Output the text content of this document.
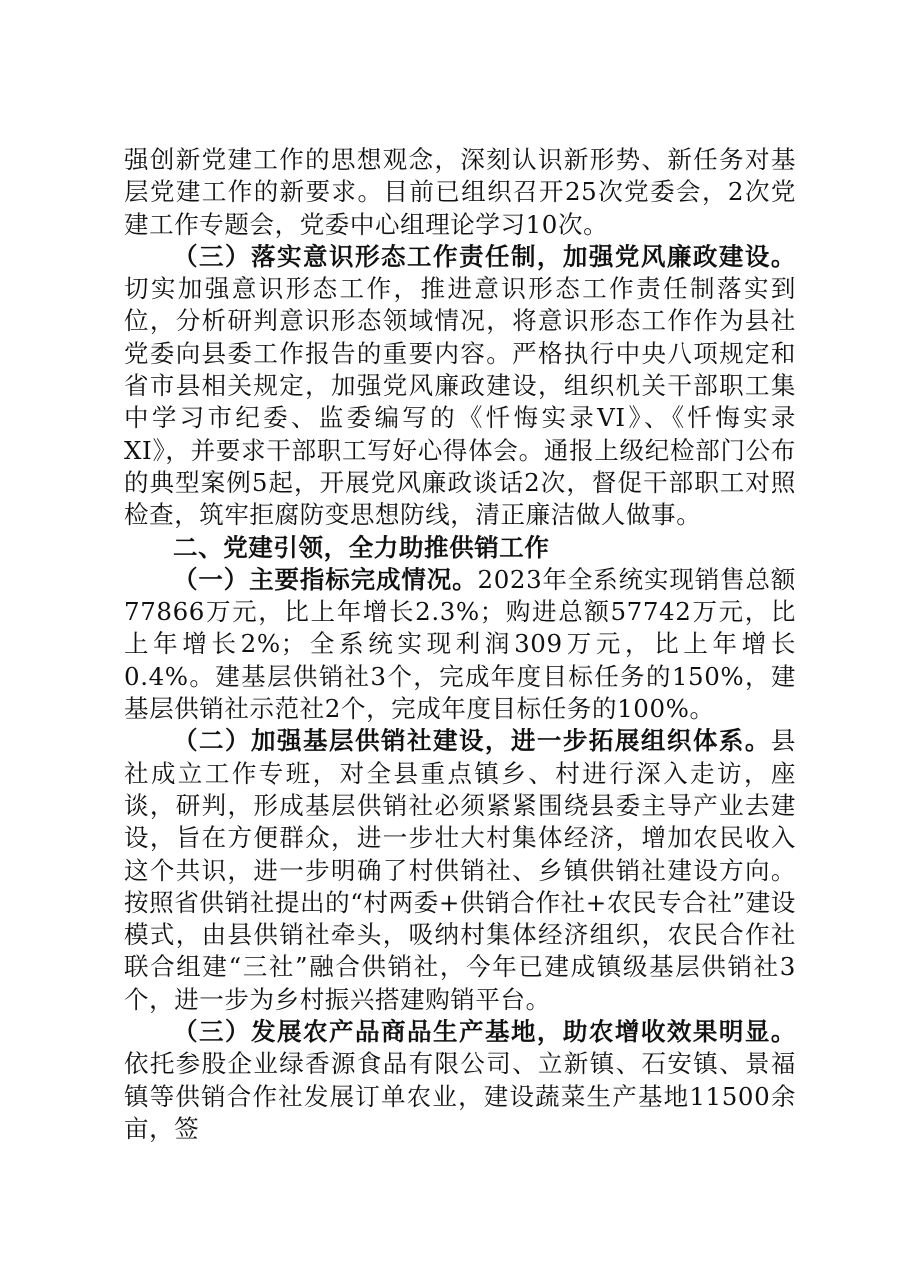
强创新党建工作的思想观念，深刻认识新形势、新任务对基层党建工作的新要求。目前已组织召开25次党委会，2次党建工作专题会，党委中心组理论学习10次。

（三）落实意识形态工作责任制，加强党风廉政建设。切实加强意识形态工作，推进意识形态工作责任制落实到位，分析研判意识形态领域情况，将意识形态工作作为县社党委向县委工作报告的重要内容。严格执行中央八项规定和省市县相关规定，加强党风廉政建设，组织机关干部职工集中学习市纪委、监委编写的《忏悔实录VI》、《忏悔实录XI》，并要求干部职工写好心得体会。通报上级纪检部门公布的典型案例5起，开展党风廉政谈话2次，督促干部职工对照检查，筑牢拒腐防变思想防线，清正廉洁做人做事。

二、党建引领，全力助推供销工作

（一）主要指标完成情况。2023年全系统实现销售总额77866万元，比上年增长2.3%；购进总额57742万元，比上年增长2%；全系统实现利润309万元，比上年增长0.4%。建基层供销社3个，完成年度目标任务的150%，建基层供销社示范社2个，完成年度目标任务的100%。

（二）加强基层供销社建设，进一步拓展组织体系。县社成立工作专班，对全县重点镇乡、村进行深入走访，座谈，研判，形成基层供销社必须紧紧围绕县委主导产业去建设，旨在方便群众，进一步壮大村集体经济，增加农民收入这个共识，进一步明确了村供销社、乡镇供销社建设方向。按照省供销社提出的“村两委+供销合作社+农民专合社”建设模式，由县供销社牵头，吸纳村集体经济组织，农民合作社联合组建“三社”融合供销社，今年已建成镇级基层供销社3个，进一步为乡村振兴搭建购销平台。

（三）发展农产品商品生产基地，助农增收效果明显。依托参股企业绿香源食品有限公司、立新镇、石安镇、景福镇等供销合作社发展订单农业，建设蔬菜生产基地11500余亩，签
